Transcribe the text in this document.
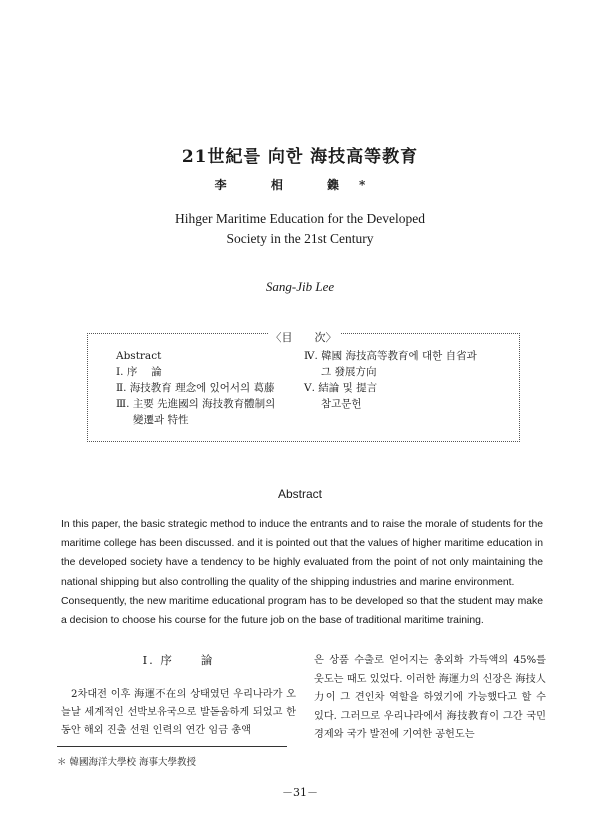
21世紀를 向한 海技高等教育
李 相 鏶*
Hihger Maritime Education for the Developed
Society in the 21st Century
Sang-Jib Lee
〈目　　次〉
Abstract
Ⅰ. 序　 論
Ⅱ. 海技教育 理念에 있어서의 葛藤
Ⅲ. 主要 先進國의 海技教育體制의
變遷과 特性
Ⅳ. 韓國 海技高等教育에 대한 自省과
그 發展方向
Ⅴ. 結論 및 提言
참고문헌
Abstract

In this paper, the basic strategic method to induce the entrants and to raise the morale of students for the maritime college has been discussed. and it is pointed out that the values of higher maritime education in the developed society have a tendency to be highly evaluated from the point of not only maintaining the national shipping but also controlling the quality of the shipping industries and marine environment.

Consequently, the new maritime educational program has to be developed so that the student may make a decision to choose his course for the future job on the base of traditional maritime training.

Ⅰ. 序　　論

2차대전 이후 海運不在의 상태였던 우리나라가 오늘날 세계적인 선박보유국으로 발돋움하게 되었고 한동안 해외 진출 선원 인력의 연간 임금 총액

은 상품 수출로 얻어지는 총외화 가득액의 45%를 웃도는 때도 있었다. 이러한 海運力의 신장은 海技人力이 그 견인차 역할을 하였기에 가능했다고 할 수 있다. 그러므로 우리나라에서 海技教育이 그간 국민 경제와 국가 발전에 기여한 공헌도는

＊ 韓國海洋大學校 海事大學教授
－31－
